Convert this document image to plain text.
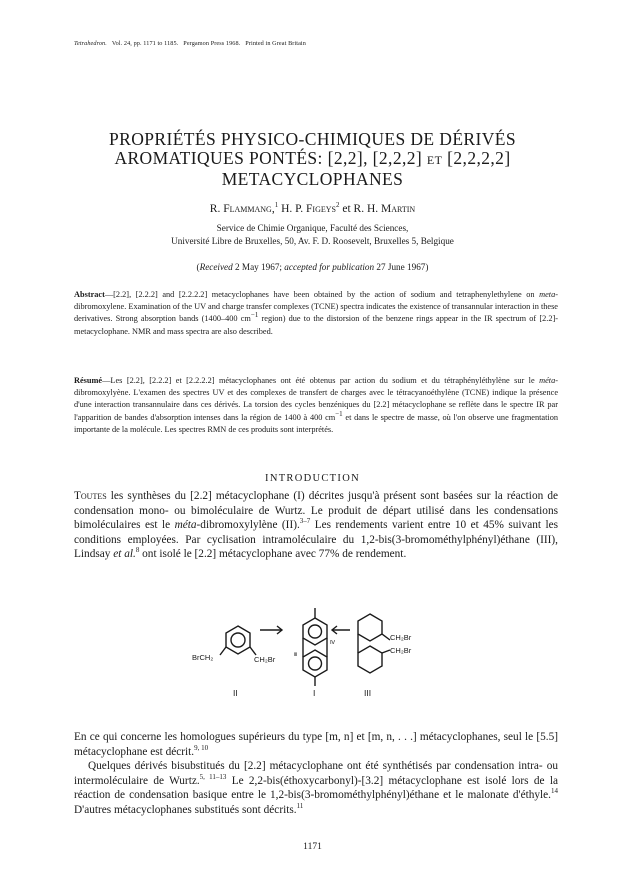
Tetrahedron. Vol. 24, pp. 1171 to 1185. Pergamon Press 1968. Printed in Great Britain
PROPRIÉTÉS PHYSICO-CHIMIQUES DE DÉRIVÉS
AROMATIQUES PONTÉS: [2,2], [2,2,2] ET [2,2,2,2]
METACYCLOPHANES
R. Flammang,$^1$ H. P. Figeys$^2$ et R. H. Martin
Service de Chimie Organique, Faculté des Sciences,
Université Libre de Bruxelles, 50, Av. F. D. Roosevelt, Bruxelles 5, Belgique
(Received 2 May 1967; accepted for publication 27 June 1967)
Abstract—[2.2], [2.2.2] and [2.2.2.2] metacyclophanes have been obtained by the action of sodium and tetraphenylethylene on meta-dibromoxylene. Examination of the UV and charge transfer complexes (TCNE) spectra indicates the existence of transannular interaction in these derivatives. Strong absorption bands (1400–400 $cm^{-1}$ region) due to the distorsion of the benzene rings appear in the IR spectrum of [2.2]-metacyclophane. NMR and mass spectra are also described.
Résumé—Les [2.2], [2.2.2] et [2.2.2.2] métacyclophanes ont été obtenus par action du sodium et du tétraphényléthylène sur le méta-dibromoxylyène. L'examen des spectres UV et des complexes de transfert de charges avec le tétracyanoéthylène (TCNE) indique la présence d'une interaction transannulaire dans ces dérivés. La torsion des cycles benzéniques du [2.2] métacyclophane se reflète dans le spectre IR par l'apparition de bandes d'absorption intenses dans la région de 1400 à 400 $cm^{-1}$ et dans le spectre de masse, où l'on observe une fragmentation importante de la molécule. Les spectres RMN de ces produits sont interprétés.
INTRODUCTION

Toutes les synthèses du [2.2] métacyclophane (I) décrites jusqu'à présent sont basées sur la réaction de condensation mono- ou bimoléculaire de Wurtz. Le produit de départ utilisé dans les condensations bimoléculaires est le méta-dibromoxylylène (II).$^{3-7}$ Les rendements varient entre 10 et 45% suivant les conditions employées. Par cyclisation intramoléculaire du 1,2-bis(3-bromométhylphényl)éthane (III), Lindsay et al.$^8$ ont isolé le [2.2] métacyclophane avec 77% de rendement.

BrCH₂	CH₂Br
CH₂Br
CH₂Br
ⅲ
Ⅳ
II	I	III

En ce qui concerne les homologues supérieurs du type [m, n] et [m, n, . . .] métacyclophanes, seul le [5.5] métacyclophane est décrit.$^{9, 10}$

Quelques dérivés bisubstitués du [2.2] métacyclophane ont été synthétisés par condensation intra- ou intermoléculaire de Wurtz.$^{5, 11-13}$ Le 2,2-bis(éthoxycarbonyl)-[3.2] métacyclophane est isolé lors de la réaction de condensation basique entre le 1,2-bis(3-bromométhylphényl)éthane et le malonate d'éthyle.$^{14}$ D'autres métacyclophanes substitués sont décrits.$^{11}$

1171
